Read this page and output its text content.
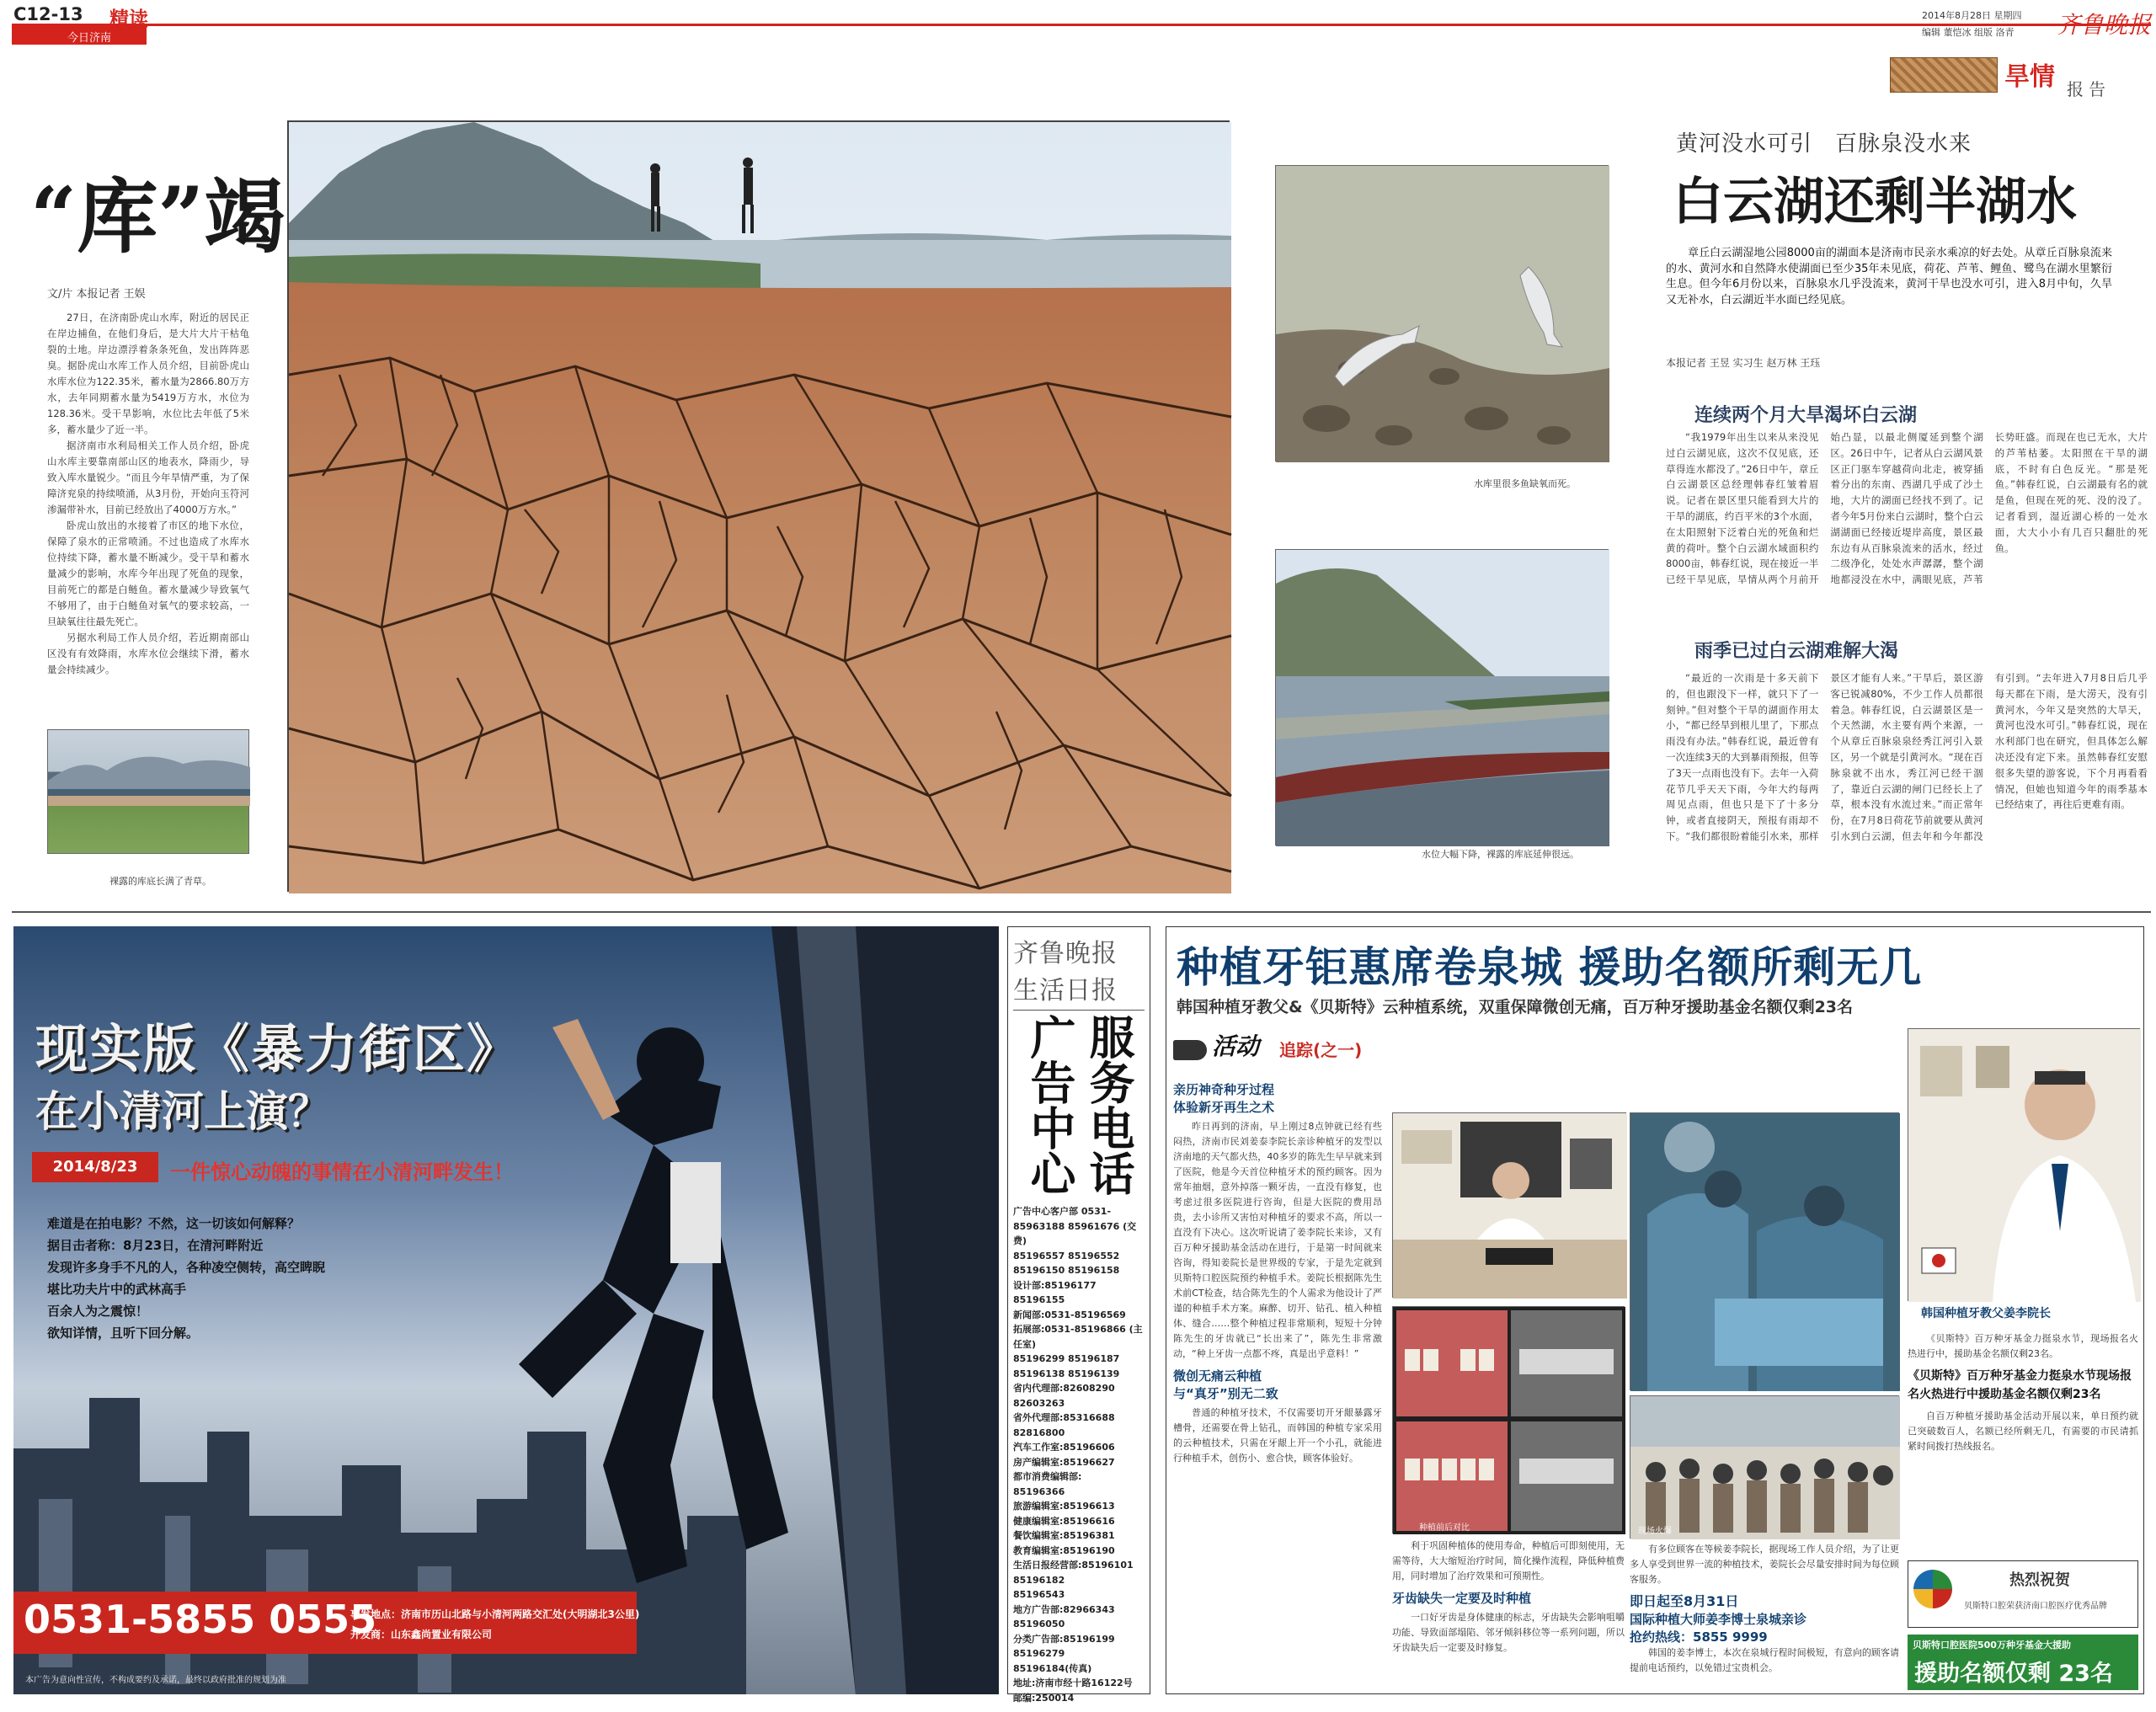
C12-13 精读
今日济南
2014年8月28日 星期四
编辑 董恺冰 组版 洛青 齐鲁晚报
旱情 报告
“库”竭
文/片 本报记者 王娱

27日，在济南卧虎山水库，附近的居民正在岸边捕鱼，在他们身后，是大片大片干枯龟裂的土地。岸边漂浮着条条死鱼，发出阵阵恶臭。据卧虎山水库工作人员介绍，目前卧虎山水库水位为122.35米，蓄水量为2866.80万方水，去年同期蓄水量为5419万方水，水位为128.36米。受干旱影响，水位比去年低了5米多，蓄水量少了近一半。

据济南市水利局相关工作人员介绍，卧虎山水库主要靠南部山区的地表水，降雨少，导致入库水量锐少。“而且今年旱情严重，为了保障济兖泉的持续喷涌，从3月份，开始向玉符河渗漏带补水，目前已经放出了4000万方水。”

卧虎山放出的水接着了市区的地下水位，保障了泉水的正常喷涌。不过也造成了水库水位持续下降，蓄水量不断减少。受干旱和蓄水量减少的影响，水库今年出现了死鱼的现象，目前死亡的都是白鲢鱼。蓄水量减少导致氧气不够用了，由于白鲢鱼对氧气的要求较高，一旦缺氧往往最先死亡。

另据水利局工作人员介绍，若近期南部山区没有有效降雨，水库水位会继续下滑，蓄水量会持续减少。

裸露的库底长满了青草。
水库里很多鱼缺氧而死。
水位大幅下降，裸露的库底延伸很远。
黄河没水可引　百脉泉没水来
白云湖还剩半湖水

章丘白云湖湿地公园8000亩的湖面本是济南市民亲水乘凉的好去处。从章丘百脉泉流来的水、黄河水和自然降水使湖面已至少35年未见底，荷花、芦苇、鲤鱼、鹭鸟在湖水里繁衍生息。但今年6月份以来，百脉泉水几乎没流来，黄河干旱也没水可引，进入8月中旬，久旱又无补水，白云湖近半水面已经见底。

本报记者 王昱 实习生 赵万林 王珏
连续两个月大旱渴坏白云湖

“我1979年出生以来从来没见过白云湖见底，这次不仅见底，还草得连水都没了。”26日中午，章丘白云湖景区总经理韩春红皱着眉说。记者在景区里只能看到大片的干旱的湖底，约百平米的3个水面，在太阳照射下泛着白光的死鱼和烂黄的荷叶。整个白云湖水域面积约8000亩，韩春红说，现在接近一半已经干旱见底，旱情从两个月前开始凸显，以最北侧厦延到整个湖区。26日中午，记者从白云湖风景区正门驱车穿越荷向北走，被穿插着分出的东南、西湖几乎成了沙土地，大片的湖面已经找不到了。记者今年5月份来白云湖时，整个白云湖湖面已经接近堤岸高度，景区最东边有从百脉泉流来的活水，经过二级净化，处处水声潺潺，整个湖地都浸没在水中，满眼见底，芦苇长势旺盛。而现在也已无水，大片的芦苇枯萎。太阳照在干旱的湖底，不时有白色反光。“那是死鱼。”韩春红说，白云湖最有名的就是鱼，但现在死的死、没的没了。记者看到，湿近湖心桥的一处水面，大大小小有几百只翻肚的死鱼。

雨季已过白云湖难解大渴

“最近的一次雨是十多天前下的，但也跟没下一样，就只下了一刻钟。”但对整个干旱的湖面作用太小，“都已经旱到根儿里了，下那点雨没有办法。”韩春红说，最近曾有一次连续3天的大到暴雨预报，但等了3天一点雨也没有下。去年一入荷花节几乎天天下雨，今年大约每两周见点雨，但也只是下了十多分钟，或者直接阴天，预报有雨却不下。“我们都很盼着能引水来，那样景区才能有人来。”干旱后，景区游客已锐减80%，不少工作人员都很着急。韩春红说，白云湖景区是一个天然湖，水主要有两个来源，一个从章丘百脉泉泉经秀江河引入景区，另一个就是引黄河水。“现在百脉泉就不出水，秀江河已经干涸了，靠近白云湖的闸门已经长上了草，根本没有水流过来。”而正常年份，在7月8日荷花节前就要从黄河引水到白云湖，但去年和今年都没有引到。“去年进入7月8日后几乎每天都在下雨，是大涝天，没有引黄河水，今年又是突然的大旱天，黄河也没水可引。”韩春红说，现在水利部门也在研究，但具体怎么解决还没有定下来。虽然韩春红安慰很多失望的游客说，下个月再看看情况，但她也知道今年的雨季基本已经结束了，再往后更难有雨。

现实版《暴力街区》
在小清河上演？
2014/8/23	一件惊心动魄的事情在小清河畔发生！
难道是在拍电影？不然，这一切该如何解释？
据目击者称：8月23日，在清河畔附近
发现许多身手不凡的人，各种凌空侧转，高空睥睨
堪比功夫片中的武林高手
百余人为之震惊！
欲知详情，且听下回分解。
0531-5855 0555
事发地点：济南市历山北路与小清河两路交汇处(大明湖北3公里)
开发商：山东鑫尚置业有限公司
本广告为意向性宣传，不构成要约及承诺，最终以政府批准的规划为准
齐鲁晚报
生活日报
广告中心 服务电话
广告中心客户部 0531-85963188 85961676 (交费)
85196557 85196552
85196150 85196158
设计部:85196177
85196155
新闻部:0531-85196569
拓展部:0531-85196866 (主任室)
85196299 85196187
85196138 85196139
省内代理部:82608290 82603263
省外代理部:85316688
82816800
汽车工作室:85196606
房产编辑室:85196627
都市消费编辑部:
85196366
旅游编辑室:85196613
健康编辑室:85196616
餐饮编辑室:85196381
教育编辑室:85196190
生活日报经营部:85196101 85196182
85196543
地方广告部:82966343
85196050
分类广告部:85196199
85196279
85196184(传真)
地址:济南市经十路16122号
邮编:250014
种植牙钜惠席卷泉城 援助名额所剩无几
韩国种植牙教父&《贝斯特》云种植系统，双重保障微创无痛，百万种牙援助基金名额仅剩23名
活动 追踪(之一)
亲历神奇种牙过程
体验新牙再生之术

昨日再到的济南，早上刚过8点钟就已经有些闷热，济南市民刘姜泰李院长亲诊种植牙的发型以济南地的天气都火热，40多岁的陈先生早早就来到了医院，他是今天首位种植牙术的预约顾客。因为常年抽烟，意外掉落一颗牙齿，一直没有修复，也考虑过很多医院进行咨询，但是大医院的费用昂贵，去小诊所又害怕对种植牙的要求不高，所以一直没有下决心。这次听说请了姜李院长来诊，又有百万种牙援助基金活动在进行，于是第一时间就来咨询，得知姜院长是世界级的专家，于是先定就到贝斯特口腔医院预约种植手术。姜院长根据陈先生术前CT检查，结合陈先生的个人需求为他设计了严谨的种植手术方案。麻醉、切开、钻孔、植入种植体、缝合……整个种植过程非常顺利，短短十分钟陈先生的牙齿就已“长出来了”，陈先生非常激动，“种上牙齿一点都不疼，真是出乎意料！”

微创无痛云种植
与“真牙”别无二致

普通的种植牙技术，不仅需要切开牙龈暴露牙槽骨，还需要在骨上钻孔，而韩国的种植专家采用的云种植技术，只需在牙龈上开一个小孔，就能进行种植手术，创伤小、愈合快，顾客体验好。

韩国种植牙教父姜李院长

《贝斯特》百万种牙基金力挺泉水节，现场报名火热进行中，援助基金名额仅剩23名。

《贝斯特》百万种牙基金力挺泉水节现场报名火热进行中援助基金名额仅剩23名

自百万种植牙援助基金活动开展以来，单日预约就已突破数百人，名额已经所剩无几，有需要的市民请抓紧时间拨打热线报名。

热烈祝贺
贝斯特口腔荣获济南口腔医疗优秀品牌
贝斯特口腔医院500万种牙基金大援助
援助名额仅剩 23名
种植前后对比	现场火爆

利于巩固种植体的使用寿命，种植后可即刻使用，无需等待，大大缩短治疗时间，简化操作流程，降低种植费用，同时增加了治疗效果和可预期性。

牙齿缺失一定要及时种植

一口好牙齿是身体健康的标志，牙齿缺失会影响咀嚼功能、导致面部塌陷、邻牙倾斜移位等一系列问题，所以牙齿缺失后一定要及时修复。

有多位顾客在等候姜李院长，据现场工作人员介绍，为了让更多人享受到世界一流的种植技术，姜院长会尽量安排时间为每位顾客服务。

即日起至8月31日
国际种植大师姜李博士泉城亲诊
抢约热线：5855 9999

韩国的姜李博士，本次在泉城行程时间极短，有意向的顾客请提前电话预约，以免错过宝贵机会。
